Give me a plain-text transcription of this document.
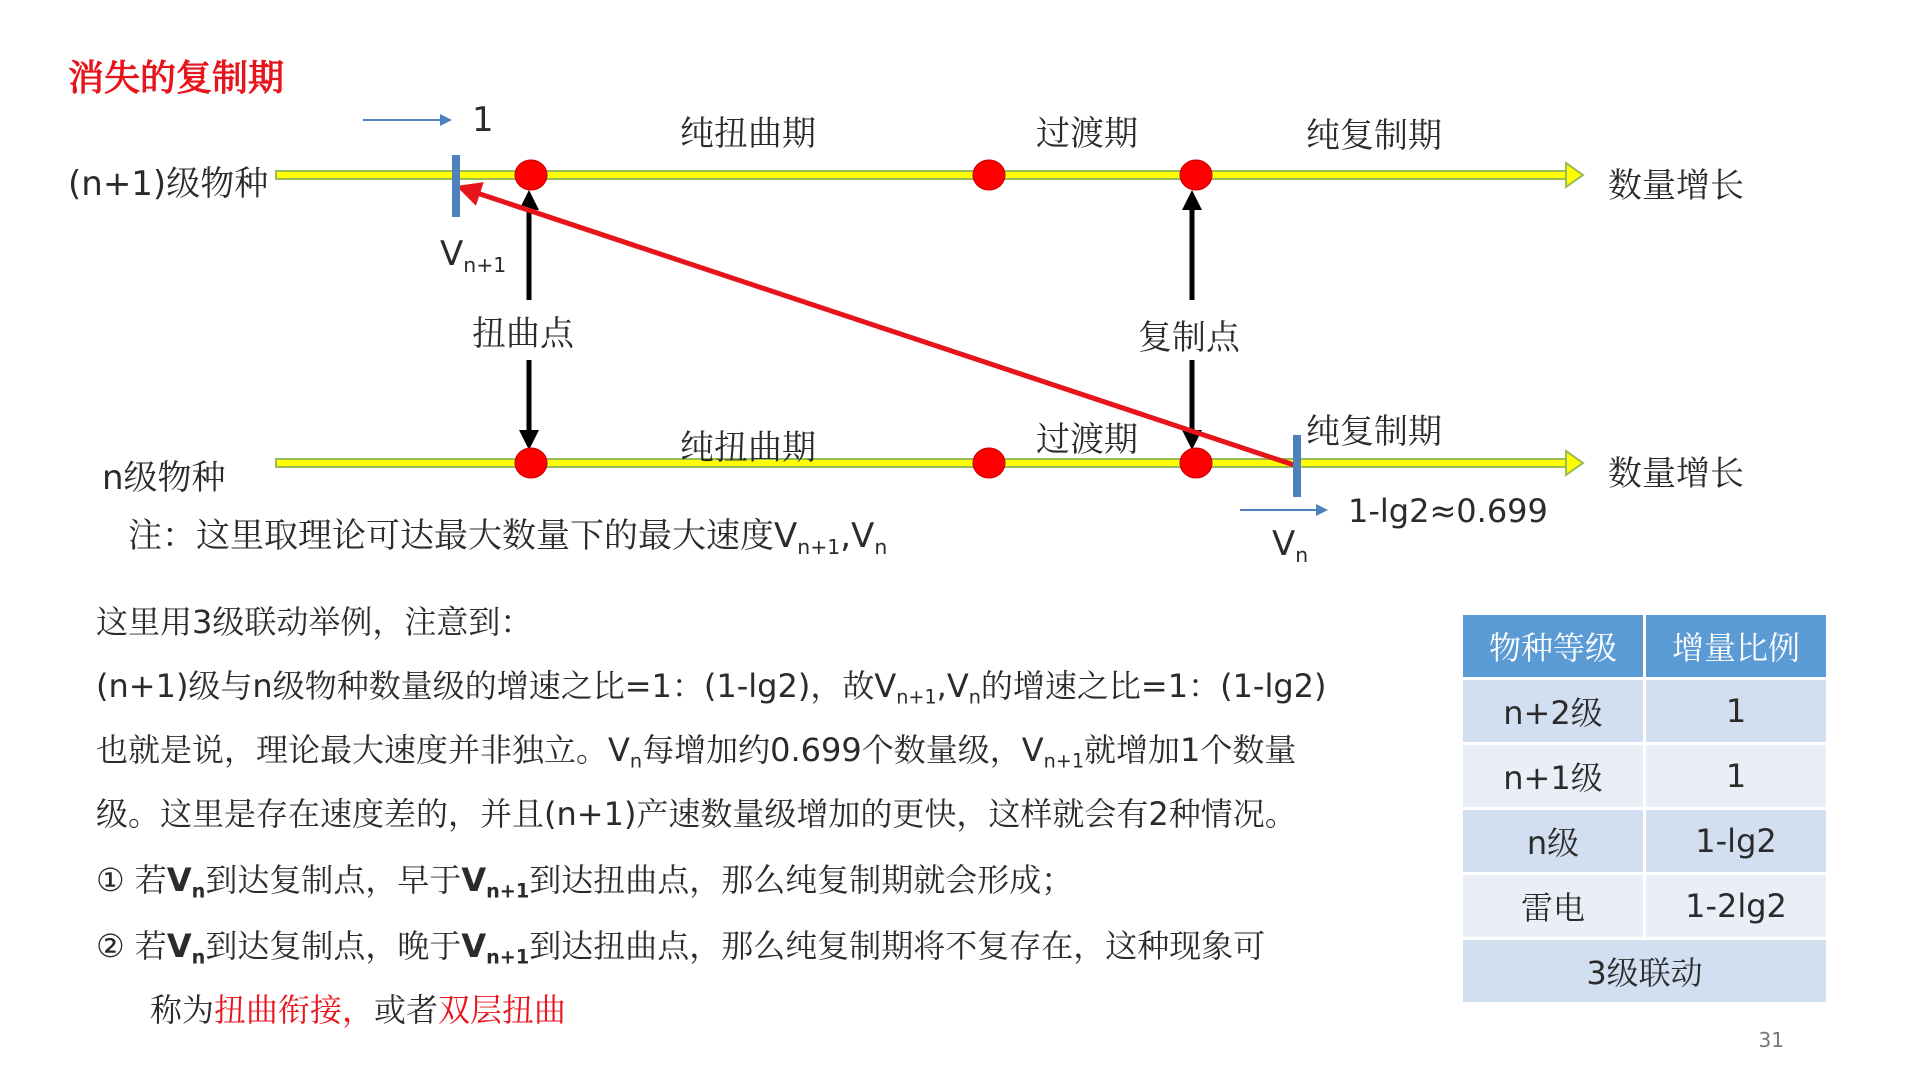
消失的复制期
(n+1)级物种
1	纯扭曲期	过渡期	纯复制期
数量增长
$V_{n+1}$
扭曲点	复制点
n级物种
纯扭曲期	过渡期	纯复制期
数量增长
1-lg2≈0.699
$V_n$
注：这里取理论可达最大数量下的最大速度$V_{n+1},V_n$
这里用3级联动举例，注意到：
(n+1)级与n级物种数量级的增速之比=1：(1-lg2)，故$V_{n+1},V_n$的增速之比=1：(1-lg2)
也就是说，理论最大速度并非独立。$V_n$每增加约0.699个数量级，$V_{n+1}$就增加1个数量
级。这里是存在速度差的，并且(n+1)产速数量级增加的更快，这样就会有2种情况。
① 若$V_n$到达复制点，早于$V_{n+1}$到达扭曲点，那么纯复制期就会形成；
② 若$V_n$到达复制点，晚于$V_{n+1}$到达扭曲点，那么纯复制期将不复存在，这种现象可
称为扭曲衔接，或者双层扭曲
物种等级	增量比例
n+2级	1
n+1级	1
n级	1-lg2
雷电	1-2lg2
3级联动	
31
